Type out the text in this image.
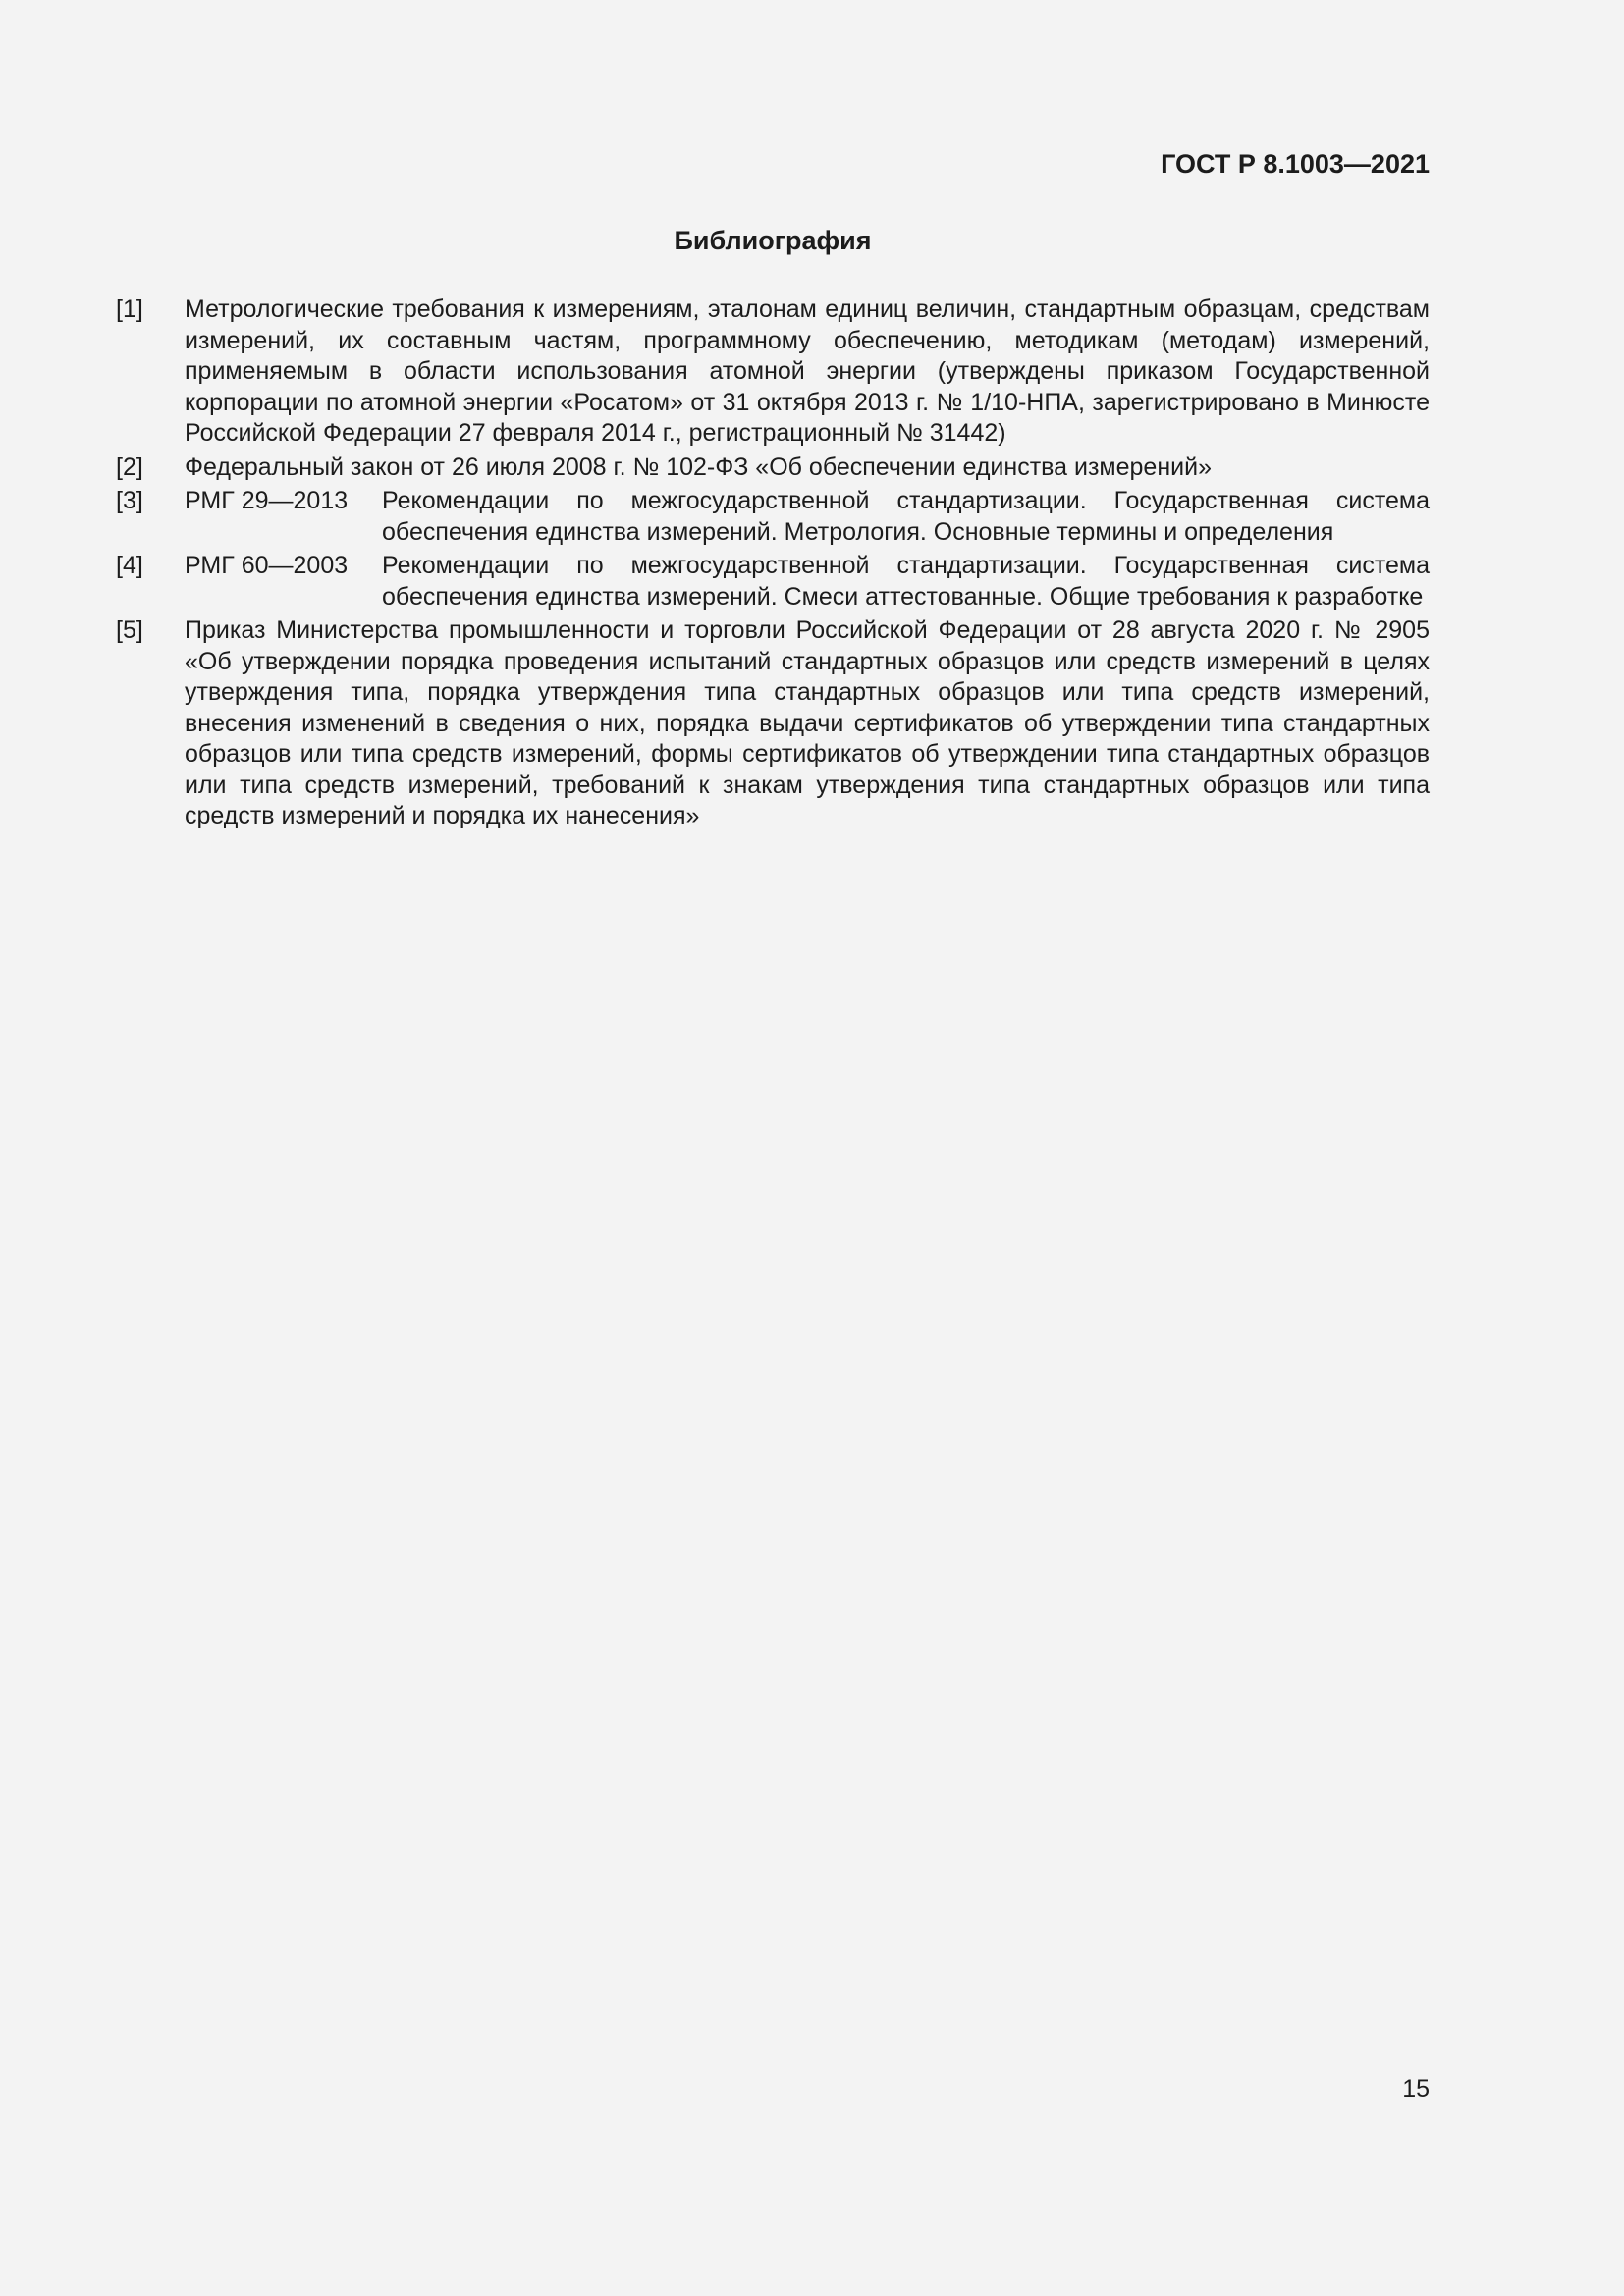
ГОСТ Р 8.1003—2021
Библиография
[1] Метрологические требования к измерениям, эталонам единиц величин, стандартным образцам, средствам измерений, их составным частям, программному обеспечению, методикам (методам) измерений, применяемым в области использования атомной энергии (утверждены приказом Государственной корпорации по атомной энергии «Росатом» от 31 октября 2013 г. № 1/10-НПА, зарегистрировано в Минюсте Российской Федерации 27 февраля 2014 г., регистрационный № 31442)
[2] Федеральный закон от 26 июля 2008 г. № 102-ФЗ «Об обеспечении единства измерений»
[3] РМГ 29—2013 Рекомендации по межгосударственной стандартизации. Государственная система обеспечения единства измерений. Метрология. Основные термины и определения
[4] РМГ 60—2003 Рекомендации по межгосударственной стандартизации. Государственная система обеспечения единства измерений. Смеси аттестованные. Общие требования к разработке
[5] Приказ Министерства промышленности и торговли Российской Федерации от 28 августа 2020 г. № 2905 «Об утверждении порядка проведения испытаний стандартных образцов или средств измерений в целях утверждения типа, порядка утверждения типа стандартных образцов или типа средств измерений, внесения изменений в сведения о них, порядка выдачи сертификатов об утверждении типа стандартных образцов или типа средств измерений, формы сертификатов об утверждении типа стандартных образцов или типа средств измерений, требований к знакам утверждения типа стандартных образцов или типа средств измерений и порядка их нанесения»
15
